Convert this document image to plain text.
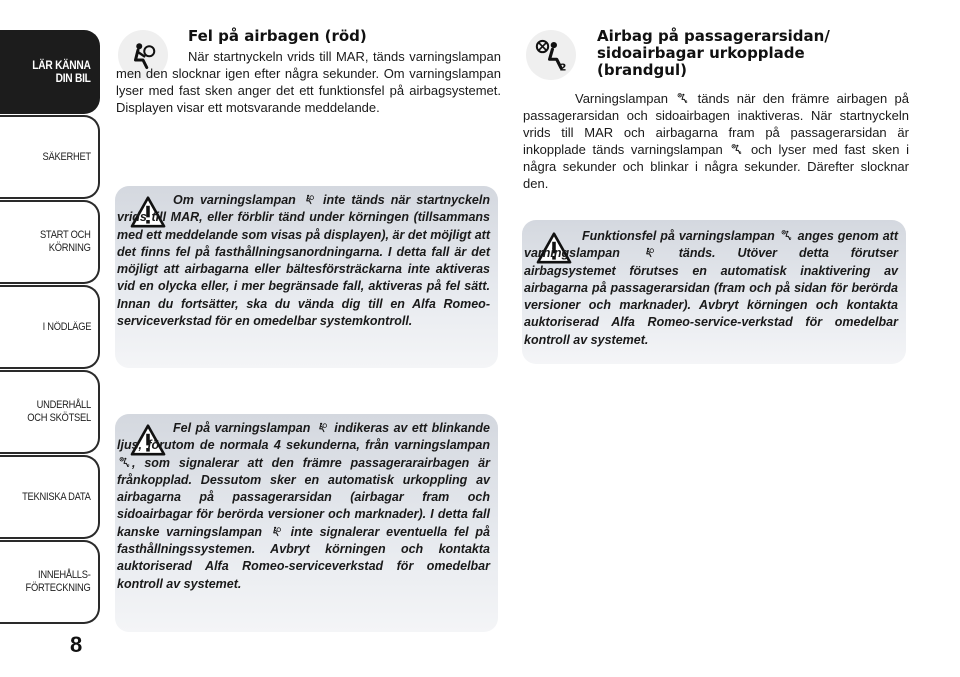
LÄR KÄNNA
DIN BIL
SÄKERHET
START OCH
KÖRNING
I NÖDLÄGE
UNDERHÅLL
OCH SKÖTSEL
TEKNISKA DATA
INNEHÅLLS-
FÖRTECKNING
8
Fel på airbagen (röd)
När startnyckeln vrids till MAR, tänds varningslampan men den slocknar igen efter några sekunder. Om varningslampan lyser med fast sken anger det ett funktionsfel på airbagsystemet. Displayen visar ett motsvarande meddelande.
Om varningslampan inte tänds när startnyckeln vrids till MAR, eller förblir tänd under körningen (tillsammans med ett meddelande som visas på displayen), är det möjligt att det finns fel på fasthållningsanordningarna. I detta fall är det möjligt att airbagarna eller bältesförsträckarna inte aktiveras vid en olycka eller, i mer begränsade fall, aktiveras på fel sätt. Innan du fortsätter, ska du vända dig till en Alfa Romeo-serviceverkstad för en omedelbar systemkontroll.
Fel på varningslampan indikeras av ett blinkande ljus, förutom de normala 4 sekunderna, från varningslampan , som signalerar att den främre passagerarairbagen är frånkopplad. Dessutom sker en automatisk urkoppling av airbagarna på passagerarsidan (airbagar fram och sidoairbagar för berörda versioner och marknader). I detta fall kanske varningslampan inte signalerar eventuella fel på fasthållningssystemen. Avbryt körningen och kontakta auktoriserad Alfa Romeo-serviceverkstad för omedelbar kontroll av systemet.
Airbag på passagerarsidan/ sidoairbagar urkopplade (brandgul)
Varningslampan tänds när den främre airbagen på passagerarsidan och sidoairbagen inaktiveras. När startnyckeln vrids till MAR och airbagarna fram på passagerarsidan är inkopplade tänds varningslampan och lyser med fast sken i några sekunder och blinkar i några sekunder. Därefter slocknar den.
Funktionsfel på varningslampan anges genom att varningslampan	tänds. Utöver detta förutser airbagsystemet förutses en automatisk inaktivering av airbagarna på passagerarsidan (fram och på sidan för berörda versioner och marknader). Avbryt körningen och kontakta auktoriserad Alfa Romeo-service-verkstad för omedelbar kontroll av systemet.
